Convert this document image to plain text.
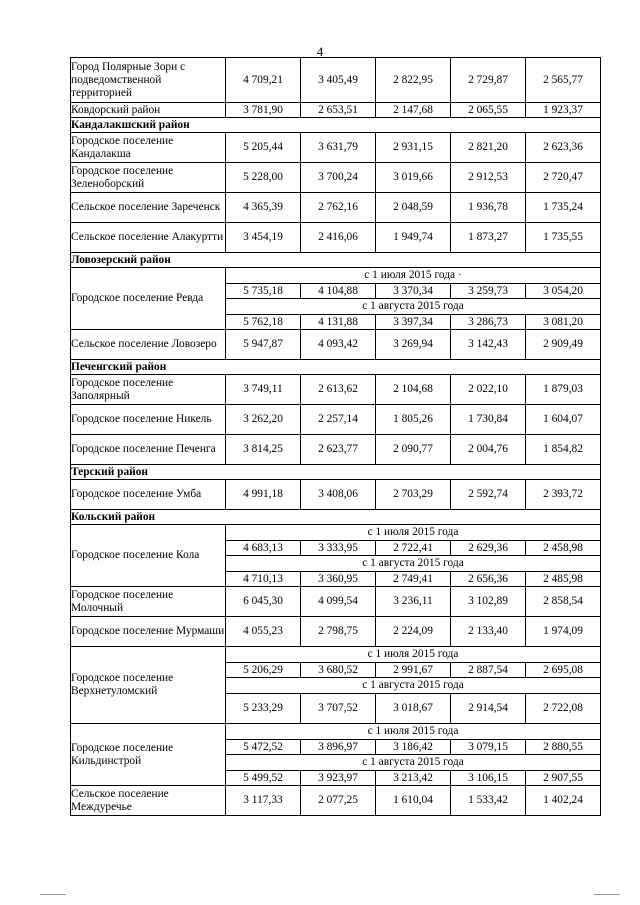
4
Город Полярные Зори с подведомственной территорией	4 709,21	3 405,49	2 822,95	2 729,87	2 565,77
Ковдорский район	3 781,90	2 653,51	2 147,68	2 065,55	1 923,37
Кандалакшский район					
Городское поселение Кандалакша	5 205,44	3 631,79	2 931,15	2 821,20	2 623,36
Городское поселение Зеленоборский	5 228,00	3 700,24	3 019,66	2 912,53	2 720,47
Сельское поселение Зареченск	4 365,39	2 762,16	2 048,59	1 936,78	1 735,24
Сельское поселение Алакуртти	3 454,19	2 416,06	1 949,74	1 873,27	1 735,55
Ловозерский район					
Городское поселение Ревда	с 1 июля 2015 года ·				
	5 735,18	4 104,88	3 370,34	3 259,73	3 054,20
	с 1 августа 2015 года				
	5 762,18	4 131,88	3 397,34	3 286,73	3 081,20
Сельское поселение Ловозеро	5 947,87	4 093,42	3 269,94	3 142,43	2 909,49
Печенгский район					
Городское поселение Заполярный	3 749,11	2 613,62	2 104,68	2 022,10	1 879,03
Городское поселение Никель	3 262,20	2 257,14	1 805,26	1 730,84	1 604,07
Городское поселение Печенга	3 814,25	2 623,77	2 090,77	2 004,76	1 854,82
Терский район					
Городское поселение Умба	4 991,18	3 408,06	2 703,29	2 592,74	2 393,72
Кольский район					
Городское поселение Кола	с 1 июля 2015 года				
	4 683,13	3 333,95	2 722,41	2 629,36	2 458,98
	с 1 августа 2015 года				
	4 710,13	3 360,95	2 749,41	2 656,36	2 485,98
Городское поселение Молочный	6 045,30	4 099,54	3 236,11	3 102,89	2 858,54
Городское поселение Мурмаши	4 055,23	2 798,75	2 224,09	2 133,40	1 974,09
Городское поселение Верхнетуломский	с 1 июля 2015 года				
	5 206,29	3 680,52	2 991,67	2 887,54	2 695,08
	с 1 августа 2015 года				
	5 233,29	3 707,52	3 018,67	2 914,54	2 722,08
Городское поселение Кильдинстрой	с 1 июля 2015 года				
	5 472,52	3 896,97	3 186,42	3 079,15	2 880,55
	с 1 августа 2015 года				
	5 499,52	3 923,97	3 213,42	3 106,15	2 907,55
Сельское поселение Междуречье	3 117,33	2 077,25	1 610,04	1 533,42	1 402,24
